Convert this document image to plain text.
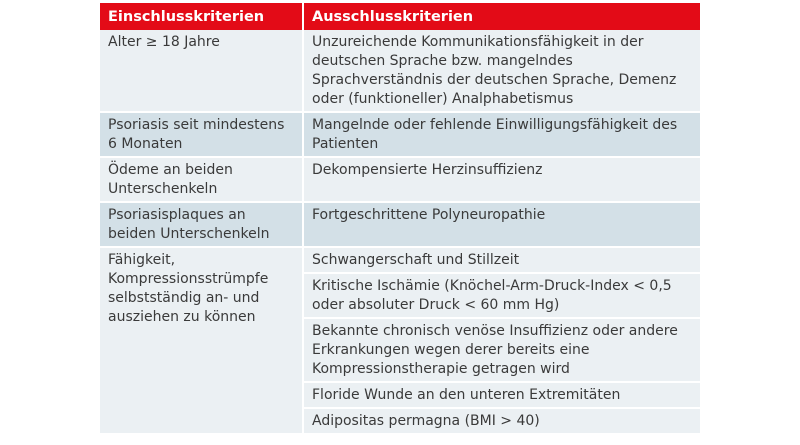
Einschlusskriterien	Ausschlusskriterien
Alter ≥ 18 Jahre	Unzureichende Kommunikationsfähigkeit in der deutschen Sprache bzw. mangelndes Sprachverständnis der deutschen Sprache, Demenz oder (funktioneller) Analphabetismus
Psoriasis seit mindestens 6 Monaten	Mangelnde oder fehlende Einwilligungsfähigkeit des Patienten
Ödeme an beiden Unterschenkeln	Dekompensierte Herzinsuffizienz
Psoriasisplaques an beiden Unterschenkeln	Fortgeschrittene Polyneuropathie
Fähigkeit, Kompressionsstrümpfe selbstständig an- und ausziehen zu können	Schwangerschaft und Stillzeit
Kritische Ischämie (Knöchel-Arm-Druck-Index < 0,5 oder absoluter Druck < 60 mm Hg)
Bekannte chronisch venöse Insuffizienz oder andere Erkrankungen wegen derer bereits eine Kompressionstherapie getragen wird
Floride Wunde an den unteren Extremitäten
Adipositas permagna (BMI > 40)
